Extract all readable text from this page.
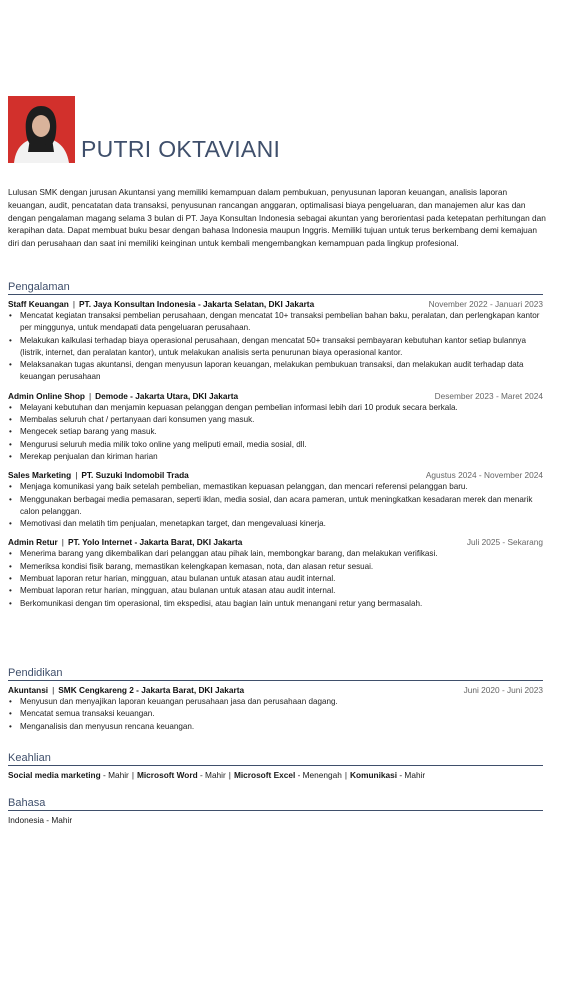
PUTRI OKTAVIANI
Lulusan SMK dengan jurusan Akuntansi yang memiliki kemampuan dalam pembukuan, penyusunan laporan keuangan, analisis laporan keuangan, audit, pencatatan data transaksi, penyusunan rancangan anggaran, optimalisasi biaya pengeluaran, dan manajemen alur kas dan dengan pengalaman magang selama 3 bulan di PT. Jaya Konsultan Indonesia sebagai akuntan yang berorientasi pada ketepatan perhitungan dan kerapihan data. Dapat membuat buku besar dengan bahasa Indonesia maupun Inggris. Memiliki tujuan untuk terus berkembang demi kemajuan diri dan perusahaan dan saat ini memiliki keinginan untuk kembali mengembangkan kemampuan pada lingkup profesional.
Pengalaman
Staff Keuangan | PT. Jaya Konsultan Indonesia - Jakarta Selatan, DKI Jakarta	November 2022 - Januari 2023
• Mencatat kegiatan transaksi pembelian perusahaan, dengan mencatat 10+ transaksi pembelian bahan baku, peralatan, dan perlengkapan kantor per minggunya, untuk mendapati data pengeluaran perusahaan.
• Melakukan kalkulasi terhadap biaya operasional perusahaan, dengan mencatat 50+ transaksi pembayaran kebutuhan kantor setiap bulannya (listrik, internet, dan peralatan kantor), untuk melakukan analisis serta penurunan biaya operasional kantor.
• Melaksanakan tugas akuntansi, dengan menyusun laporan keuangan, melakukan pembukuan transaksi, dan melakukan audit terhadap data keuangan perusahaan
Admin Online Shop | Demode - Jakarta Utara, DKI Jakarta	Desember 2023 - Maret 2024
• Melayani kebutuhan dan menjamin kepuasan pelanggan dengan pembelian informasi lebih dari 10 produk secara berkala.
• Membalas seluruh chat / pertanyaan dari konsumen yang masuk.
• Mengecek setiap barang yang masuk.
• Mengurusi seluruh media milik toko online yang meliputi email, media sosial, dll.
• Merekap penjualan dan kiriman harian
Sales Marketing | PT. Suzuki Indomobil Trada	Agustus 2024 - November 2024
• Menjaga komunikasi yang baik setelah pembelian, memastikan kepuasan pelanggan, dan mencari referensi pelanggan baru.
• Menggunakan berbagai media pemasaran, seperti iklan, media sosial, dan acara pameran, untuk meningkatkan kesadaran merek dan menarik calon pelanggan.
• Memotivasi dan melatih tim penjualan, menetapkan target, dan mengevaluasi kinerja.
Admin Retur | PT. Yolo Internet - Jakarta Barat, DKI Jakarta	Juli 2025 - Sekarang
• Menerima barang yang dikembalikan dari pelanggan atau pihak lain, membongkar barang, dan melakukan verifikasi.
• Memeriksa kondisi fisik barang, memastikan kelengkapan kemasan, nota, dan alasan retur sesuai.
• Membuat laporan retur harian, mingguan, atau bulanan untuk atasan atau audit internal.
• Membuat laporan retur harian, mingguan, atau bulanan untuk atasan atau audit internal.
• Berkomunikasi dengan tim operasional, tim ekspedisi, atau bagian lain untuk menangani retur yang bermasalah.
Pendidikan
Akuntansi | SMK Cengkareng 2 - Jakarta Barat, DKI Jakarta	Juni 2020 - Juni 2023
• Menyusun dan menyajikan laporan keuangan perusahaan jasa dan perusahaan dagang.
• Mencatat semua transaksi keuangan.
• Menganalisis dan menyusun rencana keuangan.
Keahlian
Social media marketing - Mahir | Microsoft Word - Mahir | Microsoft Excel - Menengah | Komunikasi - Mahir
Bahasa
Indonesia - Mahir
